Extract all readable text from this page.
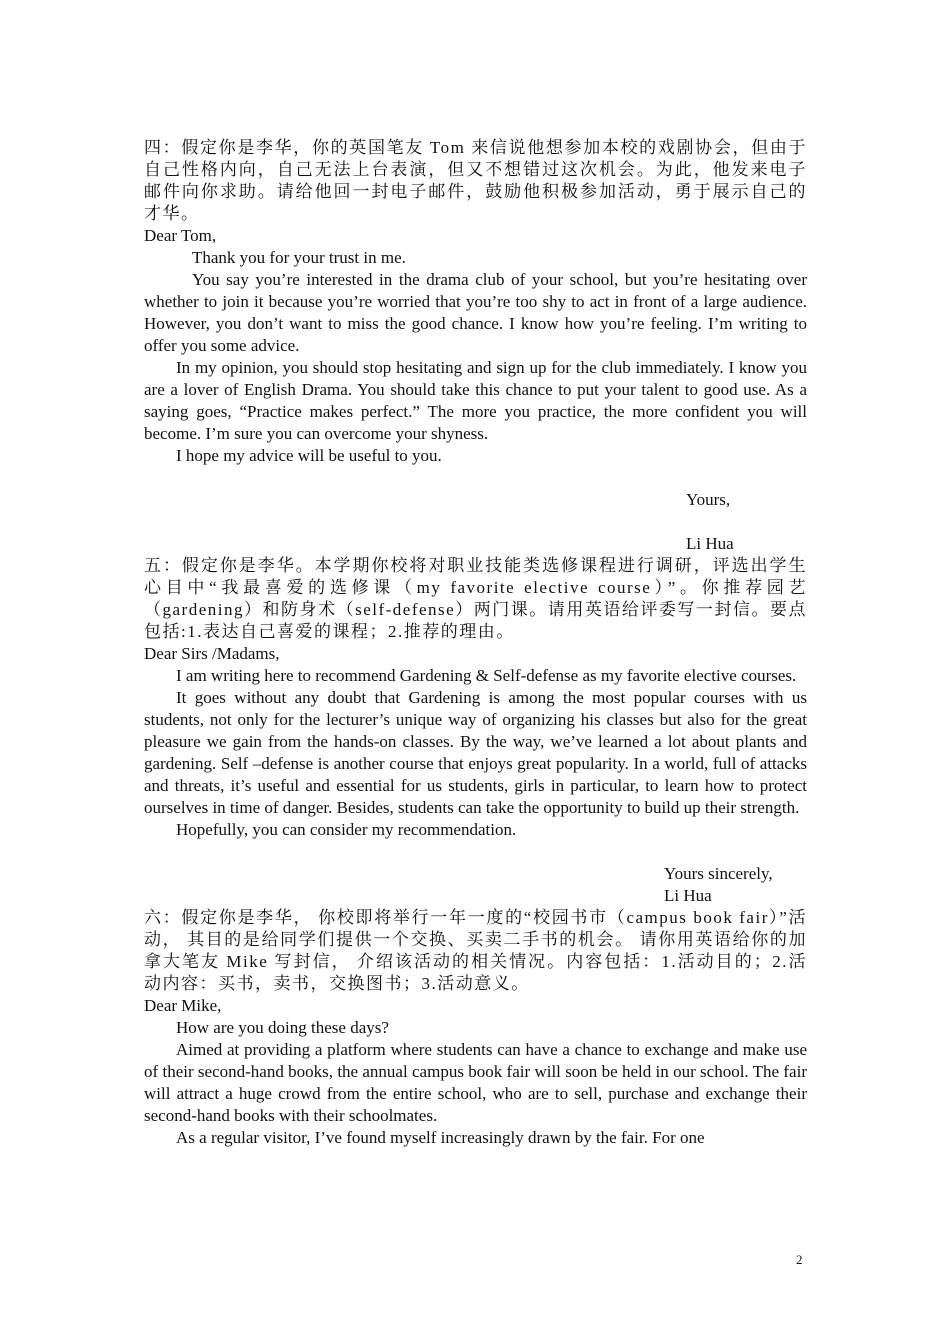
四：假定你是李华，你的英国笔友 Tom 来信说他想参加本校的戏剧协会，但由于自己性格内向，自己无法上台表演，但又不想错过这次机会。为此，他发来电子邮件向你求助。请给他回一封电子邮件，鼓励他积极参加活动，勇于展示自己的才华。

Dear Tom,

Thank you for your trust in me.

You say you’re interested in the drama club of your school, but you’re hesitating over whether to join it because you’re worried that you’re too shy to act in front of a large audience. However, you don’t want to miss the good chance. I know how you’re feeling. I’m writing to offer you some advice.

In my opinion, you should stop hesitating and sign up for the club immediately. I know you are a lover of English Drama. You should take this chance to put your talent to good use. As a saying goes, “Practice makes perfect.” The more you practice, the more confident you will become. I’m sure you can overcome your shyness.

I hope my advice will be useful to you.

Yours,

Li Hua

五：假定你是李华。本学期你校将对职业技能类选修课程进行调研，评选出学生心目中“我最喜爱的选修课（my favorite elective course）”。你推荐园艺（gardening）和防身术（self-defense）两门课。请用英语给评委写一封信。要点包括:1.表达自己喜爱的课程；2.推荐的理由。

Dear Sirs /Madams,

I am writing here to recommend Gardening & Self-defense as my favorite elective courses.

It goes without any doubt that Gardening is among the most popular courses with us students, not only for the lecturer’s unique way of organizing his classes but also for the great pleasure we gain from the hands-on classes. By the way, we’ve learned a lot about plants and gardening. Self –defense is another course that enjoys great popularity. In a world, full of attacks and threats, it’s useful and essential for us students, girls in particular, to learn how to protect ourselves in time of danger. Besides, students can take the opportunity to build up their strength.

Hopefully, you can consider my recommendation.

Yours sincerely,

Li Hua

六：假定你是李华， 你校即将举行一年一度的“校园书市（campus book fair）”活动， 其目的是给同学们提供一个交换、买卖二手书的机会。 请你用英语给你的加拿大笔友 Mike 写封信， 介绍该活动的相关情况。内容包括：1.活动目的；2.活动内容：买书，卖书，交换图书；3.活动意义。

Dear Mike,

How are you doing these days?

Aimed at providing a platform where students can have a chance to exchange and make use of their second-hand books, the annual campus book fair will soon be held in our school. The fair will attract a huge crowd from the entire school, who are to sell, purchase and exchange their second-hand books with their schoolmates.

As a regular visitor, I’ve found myself increasingly drawn by the fair. For one

2
